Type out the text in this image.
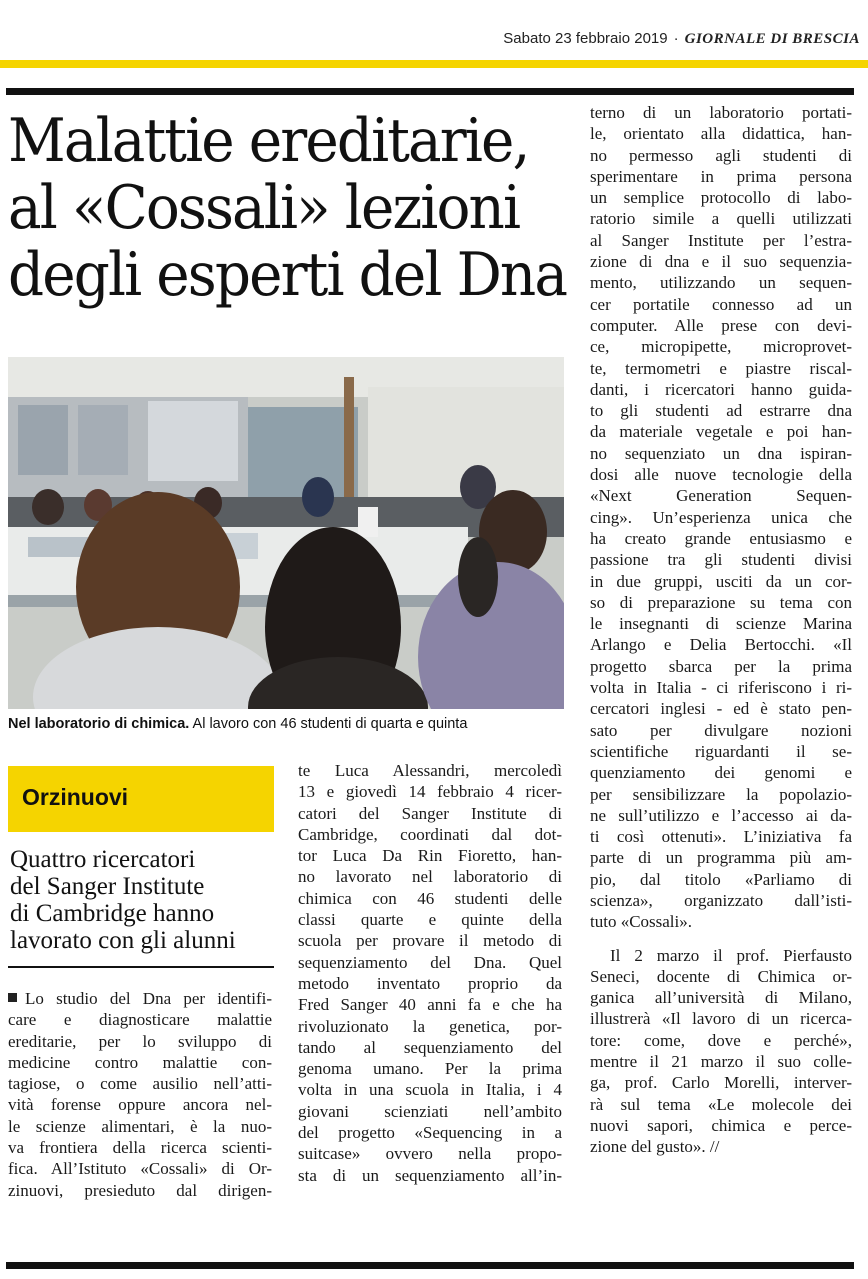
Sabato 23 febbraio 2019 · GIORNALE DI BRESCIA
Malattie ereditarie,
al «Cossali» lezioni
degli esperti del Dna
Nel laboratorio di chimica. Al lavoro con 46 studenti di quarta e quinta
Orzinuovi
Quattro ricercatori
del Sanger Institute
di Cambridge hanno
lavorato con gli alunni
Lo studio del Dna per identifi-
care e diagnosticare malattie
ereditarie, per lo sviluppo di
medicine contro malattie con-
tagiose, o come ausilio nell’atti-
vità forense oppure ancora nel-
le scienze alimentari, è la nuo-
va frontiera della ricerca scienti-
fica. All’Istituto «Cossali» di Or-
zinuovi, presieduto dal dirigen-
te Luca Alessandri, mercoledì
13 e giovedì 14 febbraio 4 ricer-
catori del Sanger Institute di
Cambridge, coordinati dal dot-
tor Luca Da Rin Fioretto, han-
no lavorato nel laboratorio di
chimica con 46 studenti delle
classi quarte e quinte della
scuola per provare il metodo di
sequenziamento del Dna. Quel
metodo inventato proprio da
Fred Sanger 40 anni fa e che ha
rivoluzionato la genetica, por-
tando al sequenziamento del
genoma umano. Per la prima
volta in una scuola in Italia, i 4
giovani scienziati nell’ambito
del progetto «Sequencing in a
suitcase» ovvero nella propo-
sta di un sequenziamento all’in-
terno di un laboratorio portati-
le, orientato alla didattica, han-
no permesso agli studenti di
sperimentare in prima persona
un semplice protocollo di labo-
ratorio simile a quelli utilizzati
al Sanger Institute per l’estra-
zione di dna e il suo sequenzia-
mento, utilizzando un sequen-
cer portatile connesso ad un
computer. Alle prese con devi-
ce, micropipette, microprovet-
te, termometri e piastre riscal-
danti, i ricercatori hanno guida-
to gli studenti ad estrarre dna
da materiale vegetale e poi han-
no sequenziato un dna ispiran-
dosi alle nuove tecnologie della
«Next Generation Sequen-
cing». Un’esperienza unica che
ha creato grande entusiasmo e
passione tra gli studenti divisi
in due gruppi, usciti da un cor-
so di preparazione su tema con
le insegnanti di scienze Marina
Arlango e Delia Bertocchi. «Il
progetto sbarca per la prima
volta in Italia - ci riferiscono i ri-
cercatori inglesi - ed è stato pen-
sato per divulgare nozioni
scientifiche riguardanti il se-
quenziamento dei genomi e
per sensibilizzare la popolazio-
ne sull’utilizzo e l’accesso ai da-
ti così ottenuti». L’iniziativa fa
parte di un programma più am-
pio, dal titolo «Parliamo di
scienza», organizzato dall’isti-
tuto «Cossali».
Il 2 marzo il prof. Pierfausto
Seneci, docente di Chimica or-
ganica all’università di Milano,
illustrerà «Il lavoro di un ricerca-
tore: come, dove e perché»,
mentre il 21 marzo il suo colle-
ga, prof. Carlo Morelli, interver-
rà sul tema «Le molecole dei
nuovi sapori, chimica e perce-
zione del gusto». //
